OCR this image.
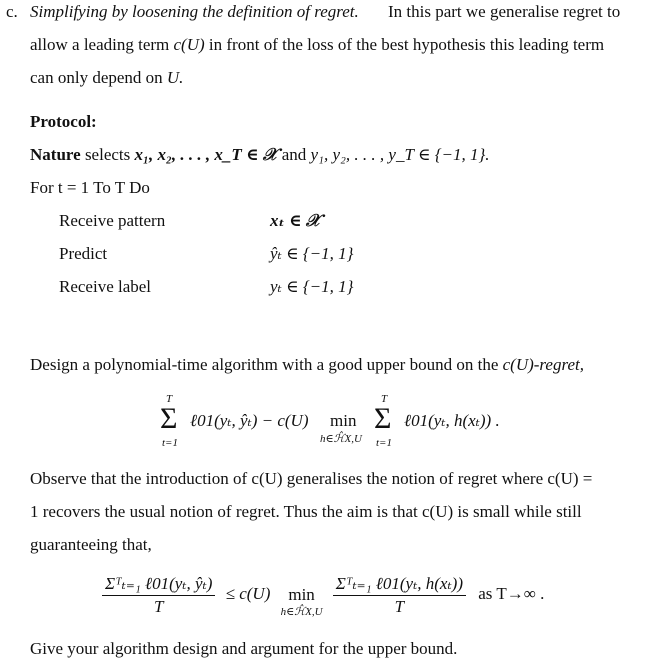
c. Simplifying by loosening the definition of regret. In this part we generalise regret to
allow a leading term c(U) in front of the loss of the best hypothesis this leading term
can only depend on U.
Protocol:
Nature selects x₁, x₂, . . . , x_T ∈ 𝒳 and y₁, y₂, . . . , y_T ∈ {−1, 1}.
For t = 1 To T Do
Receive pattern	xₜ ∈ 𝒳
Predict	ŷₜ ∈ {−1, 1}
Receive label	yₜ ∈ {−1, 1}
Design a polynomial-time algorithm with a good upper bound on the c(U)-regret,
T
Σ
t=1
ℓ01(yₜ, ŷₜ) − c(U) min
h∈ℋ̂X,U
T
Σ
t=1
ℓ01(yₜ, h(xₜ)) .
Observe that the introduction of c(U) generalises the notion of regret where c(U) =
1 recovers the usual notion of regret. Thus the aim is that c(U) is small while still
guaranteeing that,
$\frac{\text{Σᵀₜ₌₁ ℓ01(yₜ, ŷₜ)}}{T} \le c(U)$	min
h∈ℋ̂X,U
$\frac{\text{Σᵀₜ₌₁ ℓ01(yₜ, h(xₜ))}}{T}$ as T→∞ .
Give your algorithm design and argument for the upper bound.
